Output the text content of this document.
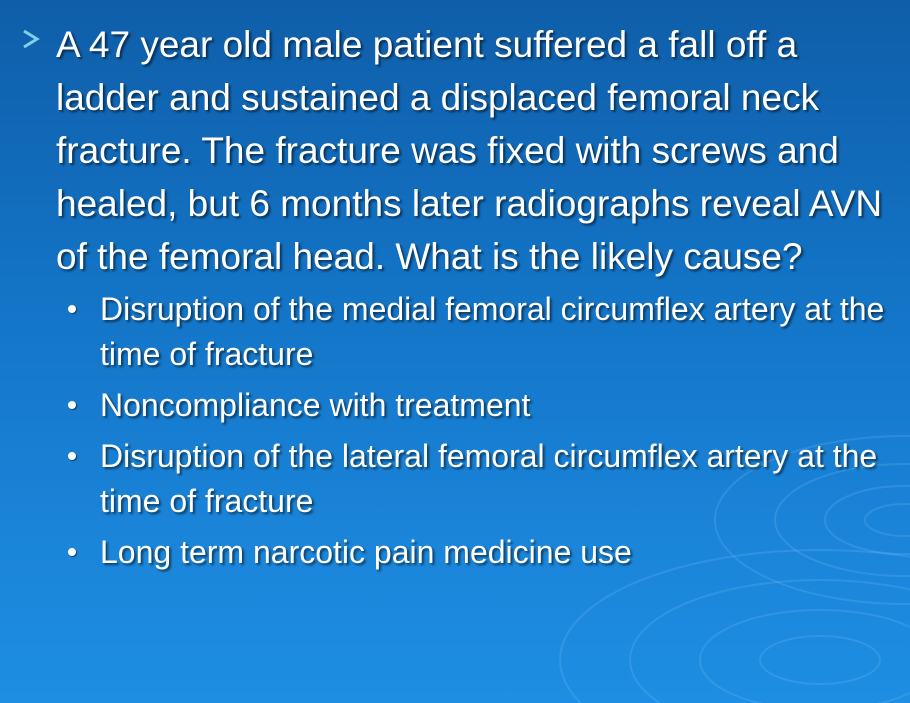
A 47 year old male patient suffered a fall off a ladder and sustained a displaced femoral neck fracture. The fracture was fixed with screws and healed, but 6 months later radiographs reveal AVN of the femoral head. What is the likely cause?

Disruption of the medial femoral circumflex artery at the time of fracture
Noncompliance with treatment
Disruption of the lateral femoral circumflex artery at the time of fracture
Long term narcotic pain medicine use
